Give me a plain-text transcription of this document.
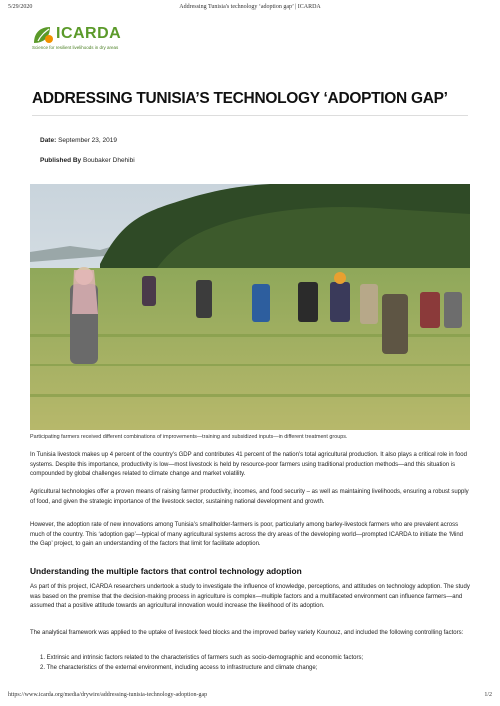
5/29/2020	Addressing Tunisia's technology ‘adoption gap’ | ICARDA
ICARDA
Science for resilient livelihoods in dry areas
ADDRESSING TUNISIA’S TECHNOLOGY ‘ADOPTION GAP’
Date: September 23, 2019
Published By Boubaker Dhehibi
Participating farmers received different combinations of improvements—training and subsidized inputs—in different treatment groups.
In Tunisia livestock makes up 4 percent of the country’s GDP and contributes 41 percent of the nation’s total agricultural production. It also plays a critical role in food systems. Despite this importance, productivity is low—most livestock is held by resource-poor farmers using traditional production methods—and this situation is compounded by global challenges related to climate change and market volatility.
Agricultural technologies offer a proven means of raising farmer productivity, incomes, and food security – as well as maintaining livelihoods, ensuring a robust supply of food, and given the strategic importance of the livestock sector, sustaining national development and growth.
However, the adoption rate of new innovations among Tunisia’s smallholder-farmers is poor, particularly among barley-livestock farmers who are prevalent across much of the country. This ‘adoption gap’—typical of many agricultural systems across the dry areas of the developing world—prompted ICARDA to initiate the ‘Mind the Gap’ project, to gain an understanding of the factors that limit for facilitate adoption.
Understanding the multiple factors that control technology adoption
As part of this project, ICARDA researchers undertook a study to investigate the influence of knowledge, perceptions, and attitudes on technology adoption. The study was based on the premise that the decision-making process in agriculture is complex—multiple factors and a multifaceted environment can influence farmers—and assumed that a positive attitude towards an agricultural innovation would increase the likelihood of its adoption.
The analytical framework was applied to the uptake of livestock feed blocks and the improved barley variety Kounouz, and included the following controlling factors:
1. Extrinsic and intrinsic factors related to the characteristics of farmers such as socio-demographic and economic factors;
2. The characteristics of the external environment, including access to infrastructure and climate change;
https://www.icarda.org/media/drywire/addressing-tunisia-technology-adoption-gap	1/2
